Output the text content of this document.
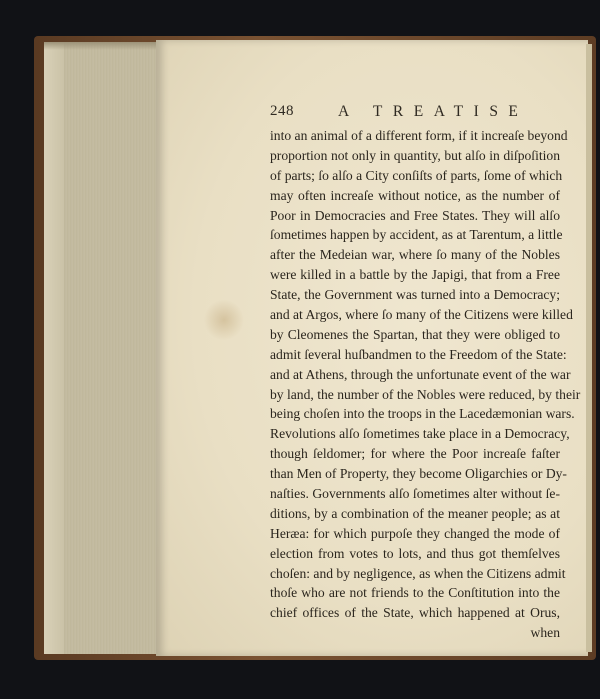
248	A TREATISE
into an animal of a different form, if it increaſe beyond
proportion not only in quantity, but alſo in diſpoſition
of parts; ſo alſo a City conſiſts of parts, ſome of which
may often increaſe without notice, as the number of
Poor in Democracies and Free States. They will alſo
ſometimes happen by accident, as at Tarentum, a little
after the Medeian war, where ſo many of the Nobles
were killed in a battle by the Japigi, that from a Free
State, the Government was turned into a Democracy;
and at Argos, where ſo many of the Citizens were killed
by Cleomenes the Spartan, that they were obliged to
admit ſeveral huſbandmen to the Freedom of the State:
and at Athens, through the unfortunate event of the war
by land, the number of the Nobles were reduced, by their
being choſen into the troops in the Lacedæmonian wars.
Revolutions alſo ſometimes take place in a Democracy,
though ſeldomer; for where the Poor increaſe faſter
than Men of Property, they become Oligarchies or Dy-
naſties. Governments alſo ſometimes alter without ſe-
ditions, by a combination of the meaner people; as at
Heræa: for which purpoſe they changed the mode of
election from votes to lots, and thus got themſelves
choſen: and by negligence, as when the Citizens admit
thoſe who are not friends to the Conſtitution into the
chief offices of the State, which happened at Orus,
when
